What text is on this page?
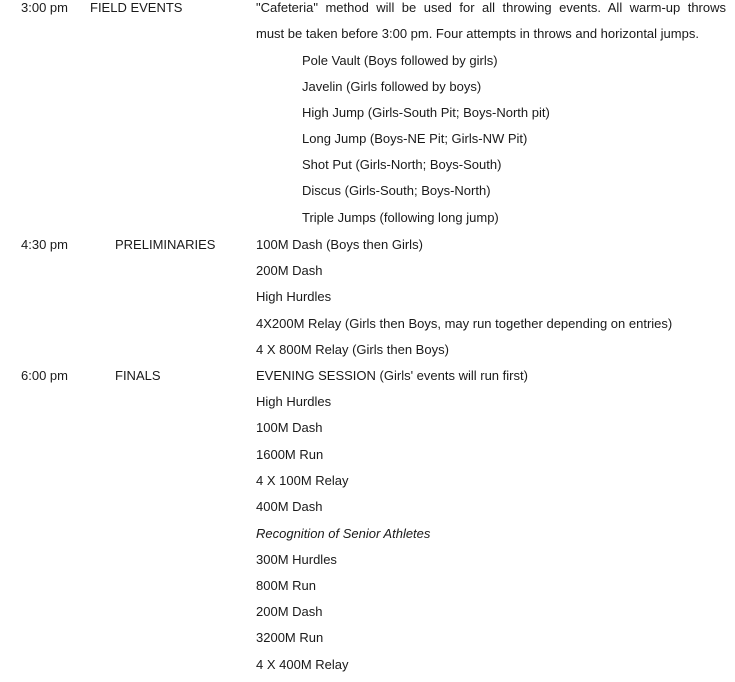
3:00 pm FIELD EVENTS	"Cafeteria" method will be used for all throwing events. All warm-up throws
must be taken before 3:00 pm. Four attempts in throws and horizontal jumps.
Pole Vault (Boys followed by girls)
Javelin (Girls followed by boys)
High Jump (Girls-South Pit; Boys-North pit)
Long Jump (Boys-NE Pit; Girls-NW Pit)
Shot Put (Girls-North; Boys-South)
Discus (Girls-South; Boys-North)
Triple Jumps (following long jump)
4:30 pm	PRELIMINARIES	100M Dash (Boys then Girls)
200M Dash
High Hurdles
4X200M Relay (Girls then Boys, may run together depending on entries)
4 X 800M Relay (Girls then Boys)
6:00 pm	FINALS	EVENING SESSION (Girls' events will run first)
High Hurdles
100M Dash
1600M Run
4 X 100M Relay
400M Dash
Recognition of Senior Athletes
300M Hurdles
800M Run
200M Dash
3200M Run
4 X 400M Relay
